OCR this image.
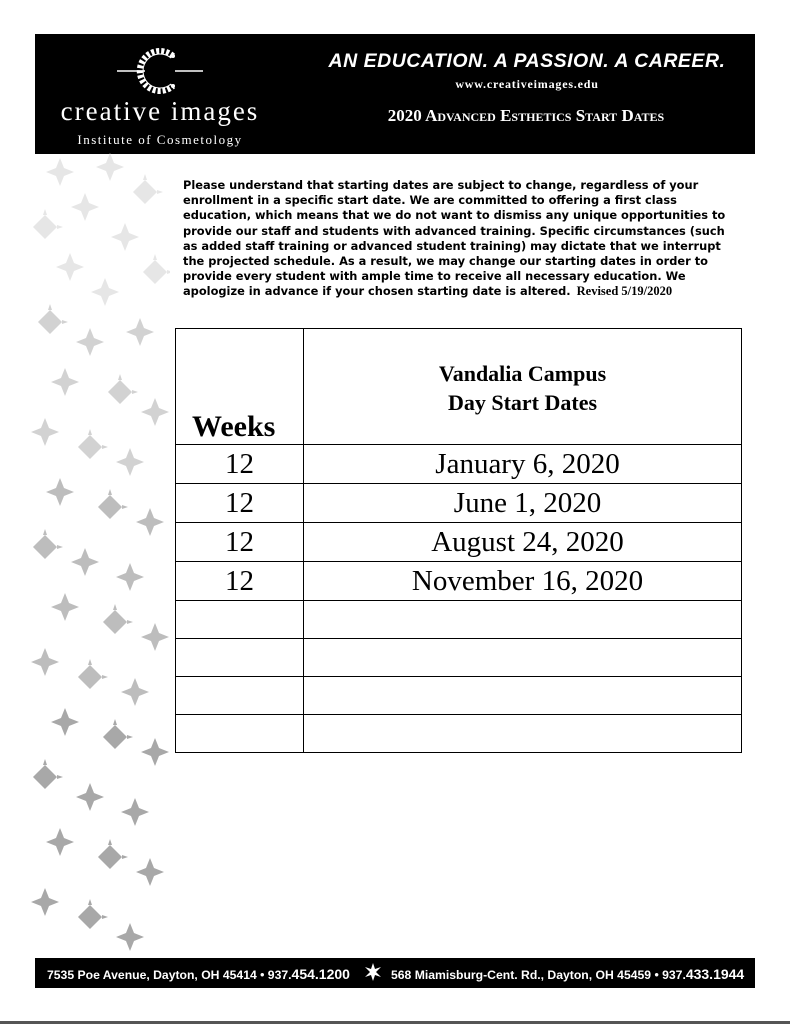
creative images
Institute of Cosmetology
AN EDUCATION. A PASSION. A CAREER.
www.creativeimages.edu
2020 Advanced Esthetics Start Dates

Please understand that starting dates are subject to change, regardless of your enrollment in a specific start date. We are committed to offering a first class education, which means that we do not want to dismiss any unique opportunities to provide our staff and students with advanced training. Specific circumstances (such as added staff training or advanced student training) may dictate that we interrupt the projected schedule. As a result, we may change our starting dates in order to provide every student with ample time to receive all necessary education. We apologize in advance if your chosen starting date is altered. Revised 5/19/2020

Weeks	Vandalia Campus
Day Start Dates

12	January 6, 2020
12	June 1, 2020
12	August 24, 2020
12	November 16, 2020

7535 Poe Avenue, Dayton, OH 45414 • 937.454.1200	568 Miamisburg-Cent. Rd., Dayton, OH 45459 • 937.433.1944
